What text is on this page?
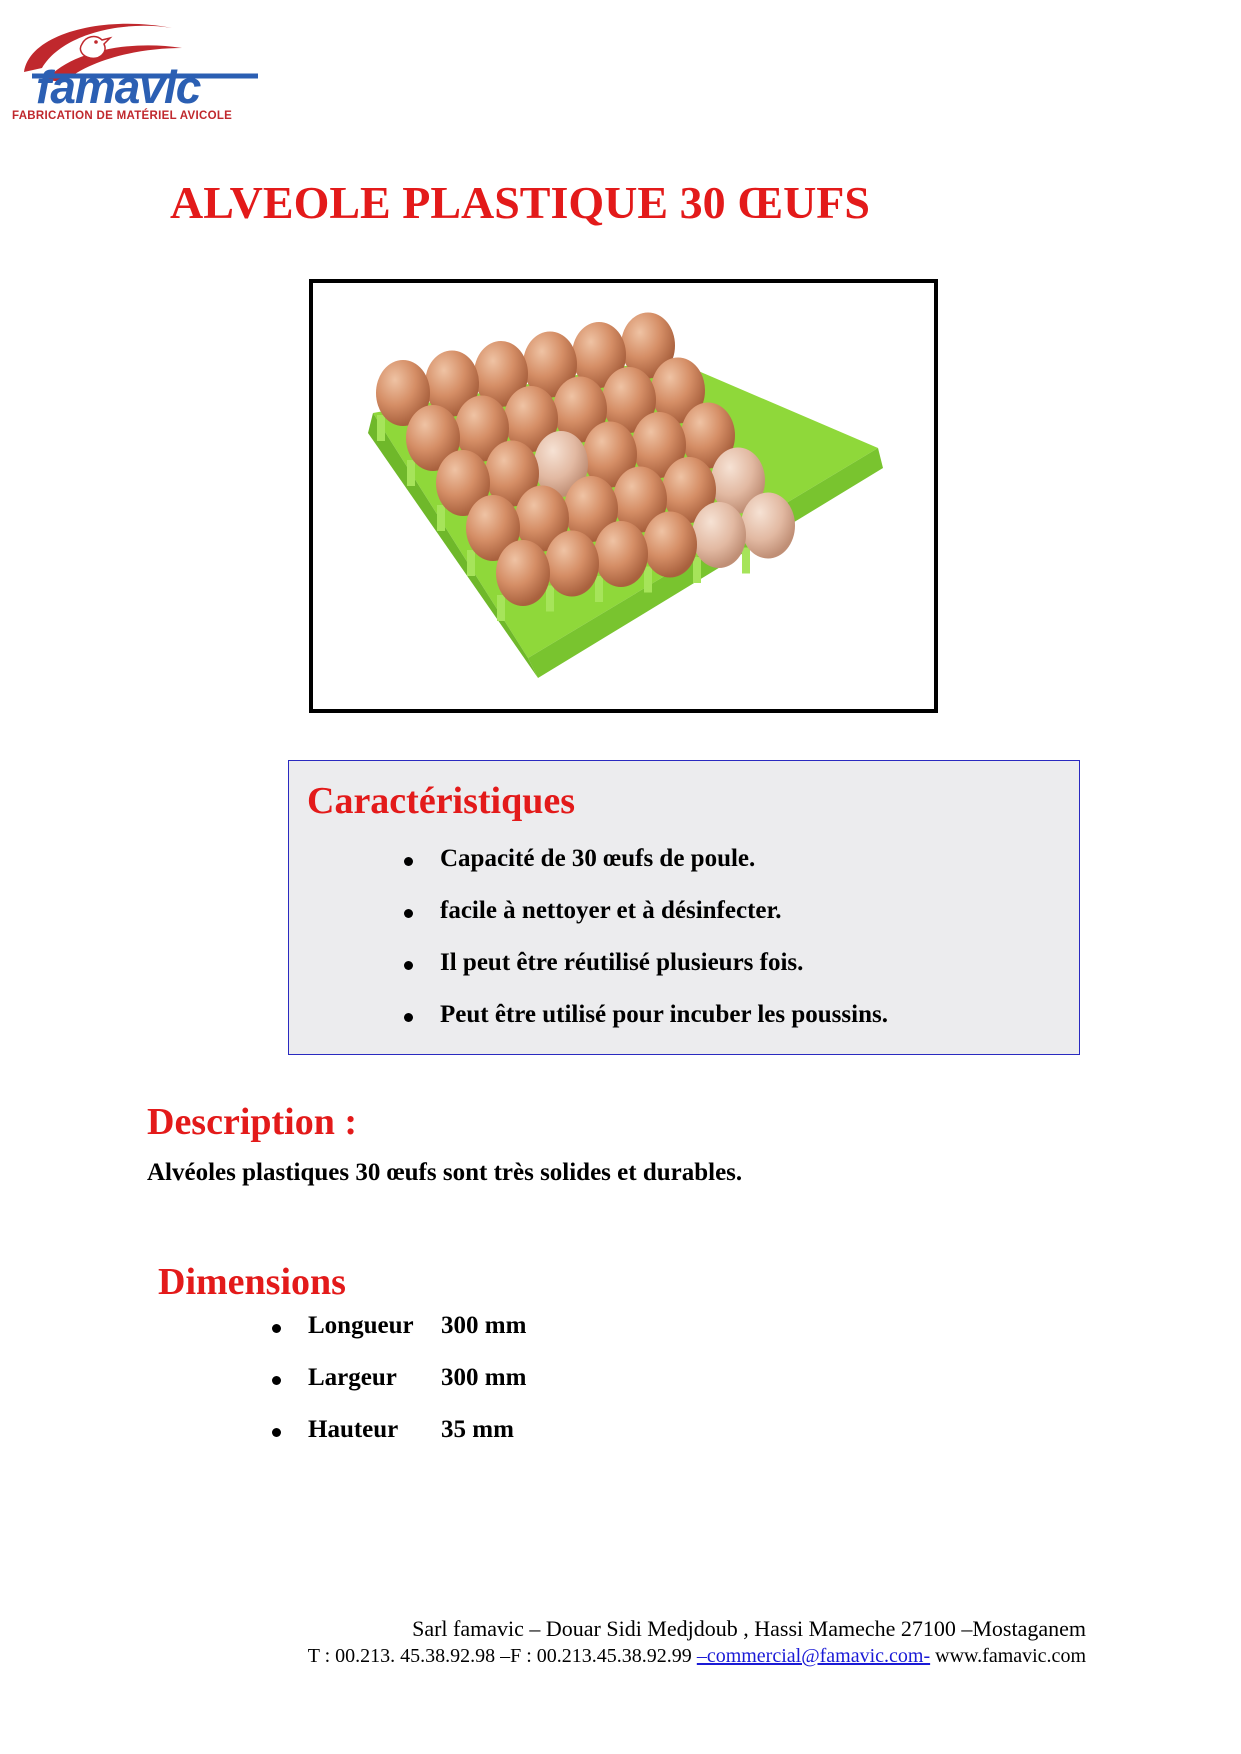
famavic
FABRICATION DE MATÉRIEL AVICOLE
ALVEOLE PLASTIQUE 30 ŒUFS
Caractéristiques
Capacité de 30 œufs de poule.
facile à nettoyer et à désinfecter.
Il peut être réutilisé plusieurs fois.
Peut être utilisé pour incuber les poussins.
Description :
Alvéoles plastiques 30 œufs sont très solides et durables.
Dimensions
Longueur 300 mm
Largeur 300 mm
Hauteur 35 mm
Sarl famavic – Douar Sidi Medjdoub , Hassi Mameche 27100 –Mostaganem
T : 00.213. 45.38.92.98 –F : 00.213.45.38.92.99 –commercial@famavic.com- www.famavic.com
